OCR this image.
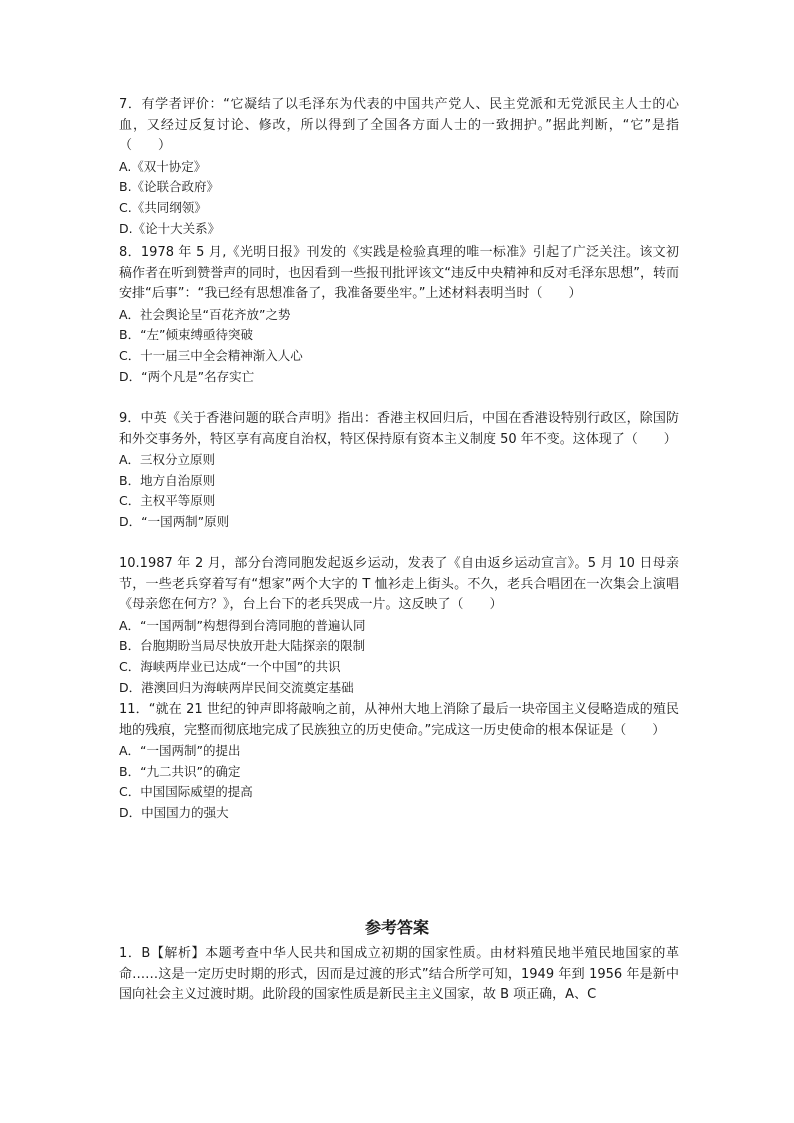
7．有学者评价：“它凝结了以毛泽东为代表的中国共产党人、民主党派和无党派民主人士的心血，又经过反复讨论、修改，所以得到了全国各方面人士的一致拥护。”据此判断，“它”是指（　　）

A.《双十协定》

B.《论联合政府》

C.《共同纲领》

D.《论十大关系》

8．1978 年 5 月,《光明日报》刊发的《实践是检验真理的唯一标准》引起了广泛关注。该文初稿作者在听到赞誉声的同时，也因看到一些报刊批评该文“违反中央精神和反对毛泽东思想”，转而安排“后事”：“我已经有思想准备了，我准备要坐牢。”上述材料表明当时（　　）

A．社会舆论呈“百花齐放”之势

B．“左”倾束缚亟待突破

C．十一届三中全会精神渐入人心

D．“两个凡是”名存实亡

9．中英《关于香港问题的联合声明》指出：香港主权回归后，中国在香港设特别行政区，除国防和外交事务外，特区享有高度自治权，特区保持原有资本主义制度 50 年不变。这体现了（　　）

A．三权分立原则

B．地方自治原则

C．主权平等原则

D．“一国两制”原则

10.1987 年 2 月，部分台湾同胞发起返乡运动，发表了《自由返乡运动宣言》。5 月 10 日母亲节，一些老兵穿着写有“想家”两个大字的 T 恤衫走上街头。不久，老兵合唱团在一次集会上演唱《母亲您在何方？》，台上台下的老兵哭成一片。这反映了（　　）

A．“一国两制”构想得到台湾同胞的普遍认同

B．台胞期盼当局尽快放开赴大陆探亲的限制

C．海峡两岸业已达成“一个中国”的共识

D．港澳回归为海峡两岸民间交流奠定基础

11．“就在 21 世纪的钟声即将敲响之前，从神州大地上消除了最后一块帝国主义侵略造成的殖民地的残痕，完整而彻底地完成了民族独立的历史使命。”完成这一历史使命的根本保证是（　　）

A．“一国两制”的提出

B．“九二共识”的确定

C．中国国际威望的提高

D．中国国力的强大

参考答案

1．B【解析】本题考查中华人民共和国成立初期的国家性质。由材料殖民地半殖民地国家的革命……这是一定历史时期的形式，因而是过渡的形式”结合所学可知，1949 年到 1956 年是新中国向社会主义过渡时期。此阶段的国家性质是新民主主义国家，故 B 项正确，A、C
